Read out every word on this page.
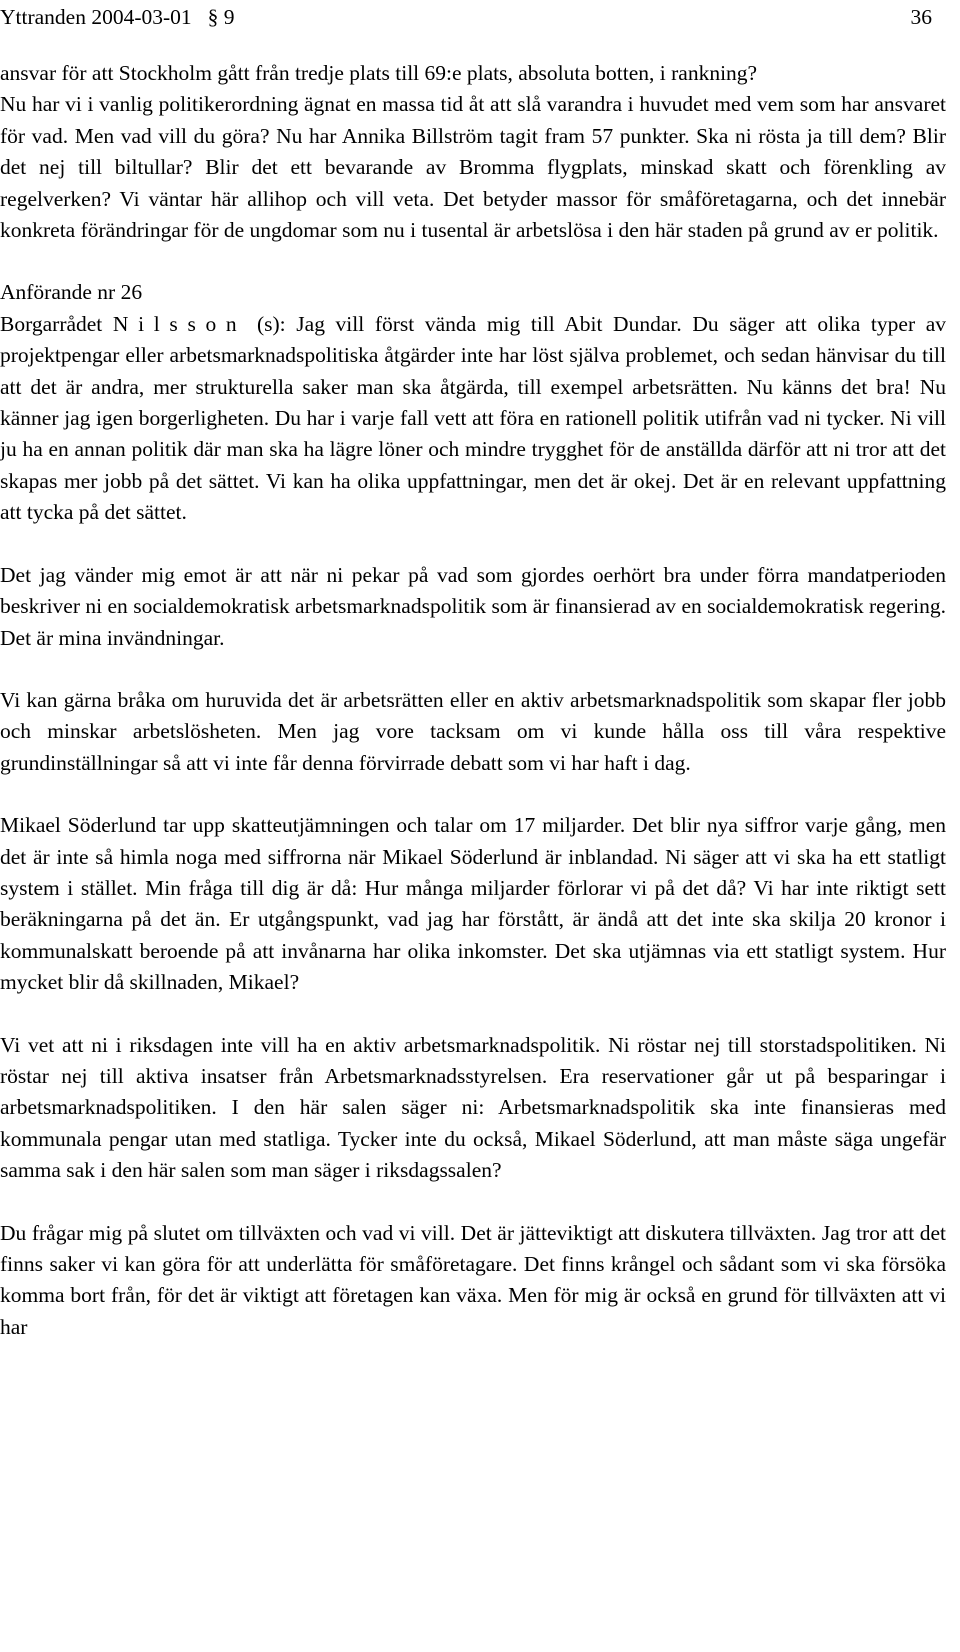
Yttranden 2004-03-01 § 9	36

ansvar för att Stockholm gått från tredje plats till 69:e plats, absoluta botten, i rankning?

Nu har vi i vanlig politikerordning ägnat en massa tid åt att slå varandra i huvudet med vem som har ansvaret för vad. Men vad vill du göra? Nu har Annika Billström tagit fram 57 punkter. Ska ni rösta ja till dem? Blir det nej till biltullar? Blir det ett bevarande av Bromma flygplats, minskad skatt och förenkling av regelverken? Vi väntar här allihop och vill veta. Det betyder massor för småföretagarna, och det innebär konkreta förändringar för de ungdomar som nu i tusental är arbetslösa i den här staden på grund av er politik.

Anförande nr 26

Borgarrådet Nilsson (s): Jag vill först vända mig till Abit Dundar. Du säger att olika typer av projektpengar eller arbetsmarknadspolitiska åtgärder inte har löst själva problemet, och sedan hänvisar du till att det är andra, mer strukturella saker man ska åtgärda, till exempel arbetsrätten. Nu känns det bra! Nu känner jag igen borgerligheten. Du har i varje fall vett att föra en rationell politik utifrån vad ni tycker. Ni vill ju ha en annan politik där man ska ha lägre löner och mindre trygghet för de anställda därför att ni tror att det skapas mer jobb på det sättet. Vi kan ha olika uppfattningar, men det är okej. Det är en relevant uppfattning att tycka på det sättet.

Det jag vänder mig emot är att när ni pekar på vad som gjordes oerhört bra under förra mandatperioden beskriver ni en socialdemokratisk arbetsmarknadspolitik som är finansierad av en socialdemokratisk regering. Det är mina invändningar.

Vi kan gärna bråka om huruvida det är arbetsrätten eller en aktiv arbetsmarknadspolitik som skapar fler jobb och minskar arbetslösheten. Men jag vore tacksam om vi kunde hålla oss till våra respektive grundinställningar så att vi inte får denna förvirrade debatt som vi har haft i dag.

Mikael Söderlund tar upp skatteutjämningen och talar om 17 miljarder. Det blir nya siffror varje gång, men det är inte så himla noga med siffrorna när Mikael Söderlund är inblandad. Ni säger att vi ska ha ett statligt system i stället. Min fråga till dig är då: Hur många miljarder förlorar vi på det då? Vi har inte riktigt sett beräkningarna på det än. Er utgångspunkt, vad jag har förstått, är ändå att det inte ska skilja 20 kronor i kommunalskatt beroende på att invånarna har olika inkomster. Det ska utjämnas via ett statligt system. Hur mycket blir då skillnaden, Mikael?

Vi vet att ni i riksdagen inte vill ha en aktiv arbetsmarknadspolitik. Ni röstar nej till storstadspolitiken. Ni röstar nej till aktiva insatser från Arbetsmarknadsstyrelsen. Era reservationer går ut på besparingar i arbetsmarknadspolitiken. I den här salen säger ni: Arbetsmarknadspolitik ska inte finansieras med kommunala pengar utan med statliga. Tycker inte du också, Mikael Söderlund, att man måste säga ungefär samma sak i den här salen som man säger i riksdagssalen?

Du frågar mig på slutet om tillväxten och vad vi vill. Det är jätteviktigt att diskutera tillväxten. Jag tror att det finns saker vi kan göra för att underlätta för småföretagare. Det finns krångel och sådant som vi ska försöka komma bort från, för det är viktigt att företagen kan växa. Men för mig är också en grund för tillväxten att vi har
